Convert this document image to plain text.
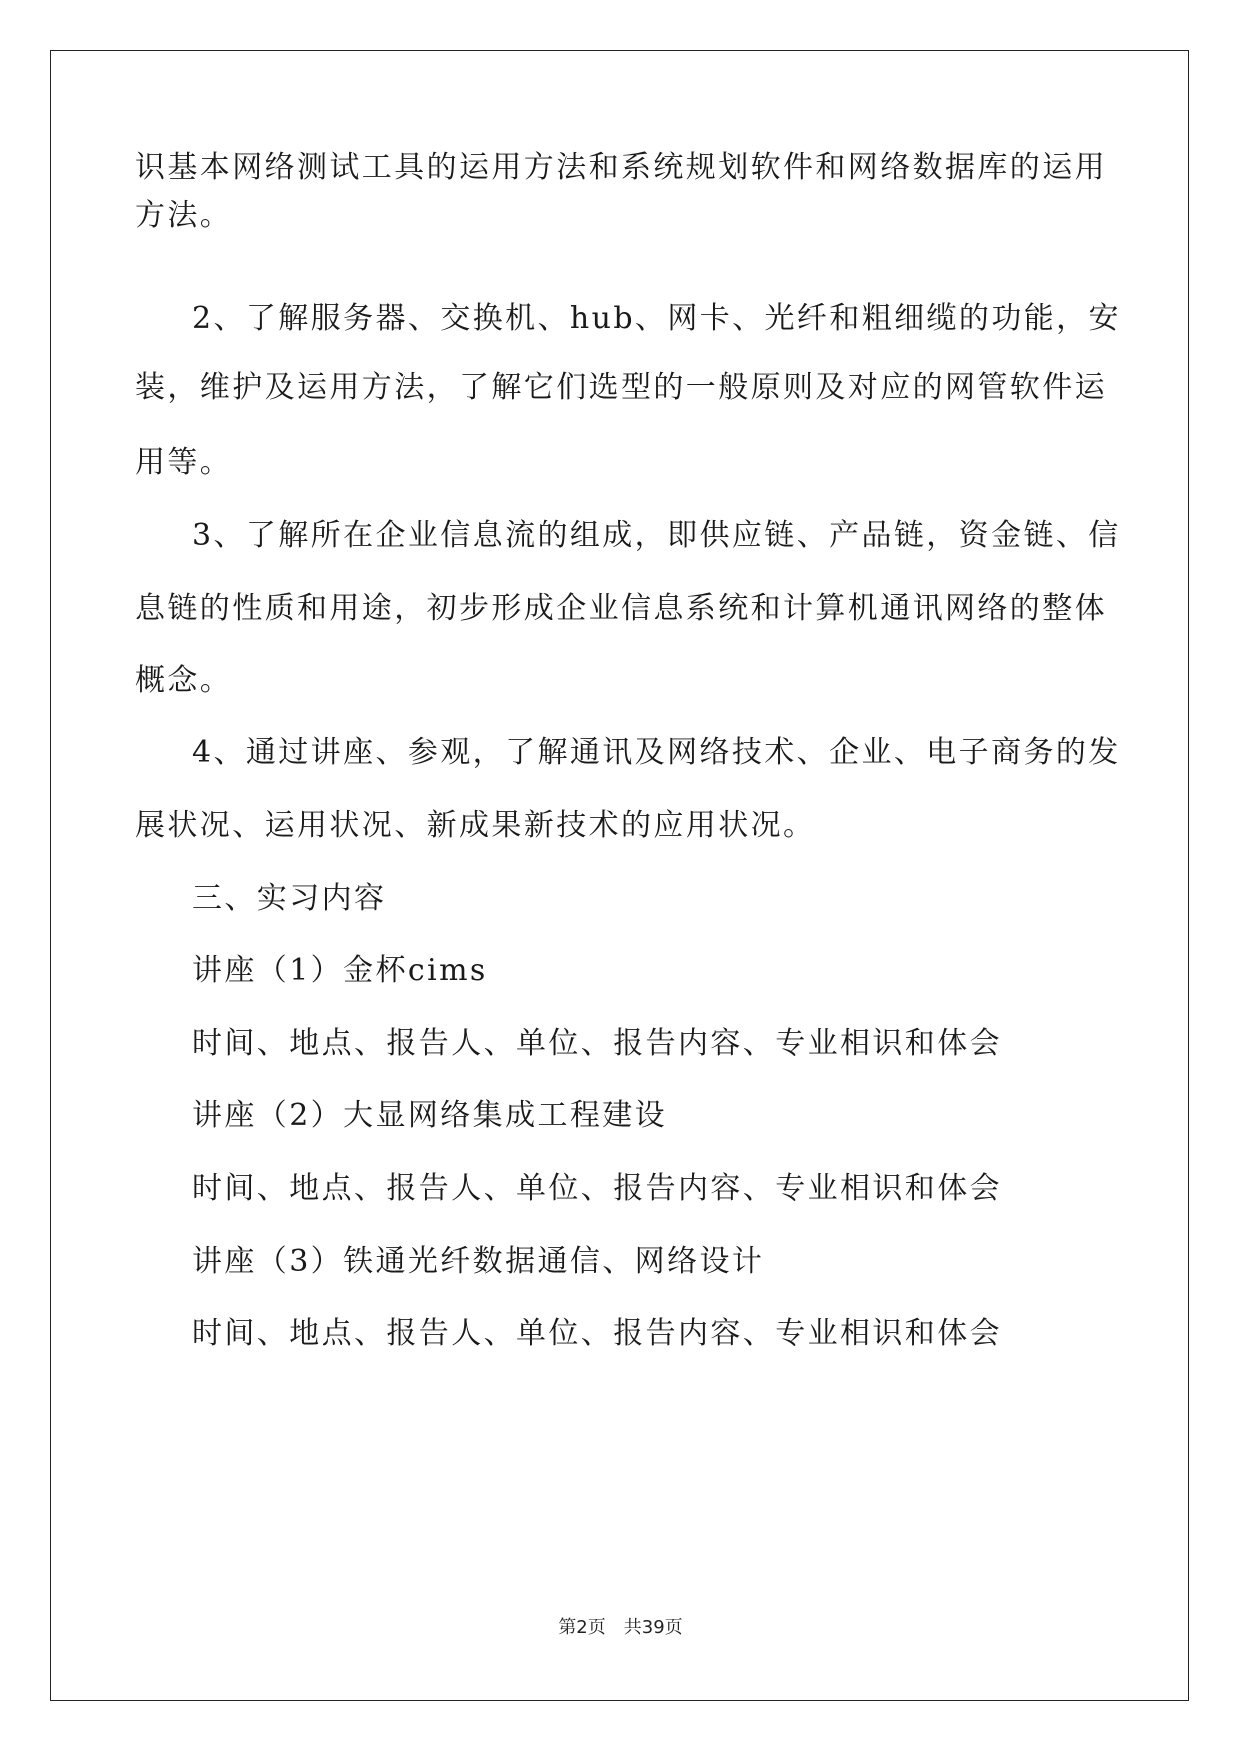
识基本网络测试工具的运用方法和系统规划软件和网络数据库的运用
方法。
2、了解服务器、交换机、hub、网卡、光纤和粗细缆的功能，安
装，维护及运用方法，了解它们选型的一般原则及对应的网管软件运
用等。
3、了解所在企业信息流的组成，即供应链、产品链，资金链、信
息链的性质和用途，初步形成企业信息系统和计算机通讯网络的整体
概念。
4、通过讲座、参观，了解通讯及网络技术、企业、电子商务的发
展状况、运用状况、新成果新技术的应用状况。
三、实习内容
讲座（1）金杯cims
时间、地点、报告人、单位、报告内容、专业相识和体会
讲座（2）大显网络集成工程建设
时间、地点、报告人、单位、报告内容、专业相识和体会
讲座（3）铁通光纤数据通信、网络设计
时间、地点、报告人、单位、报告内容、专业相识和体会
第2页　共39页
